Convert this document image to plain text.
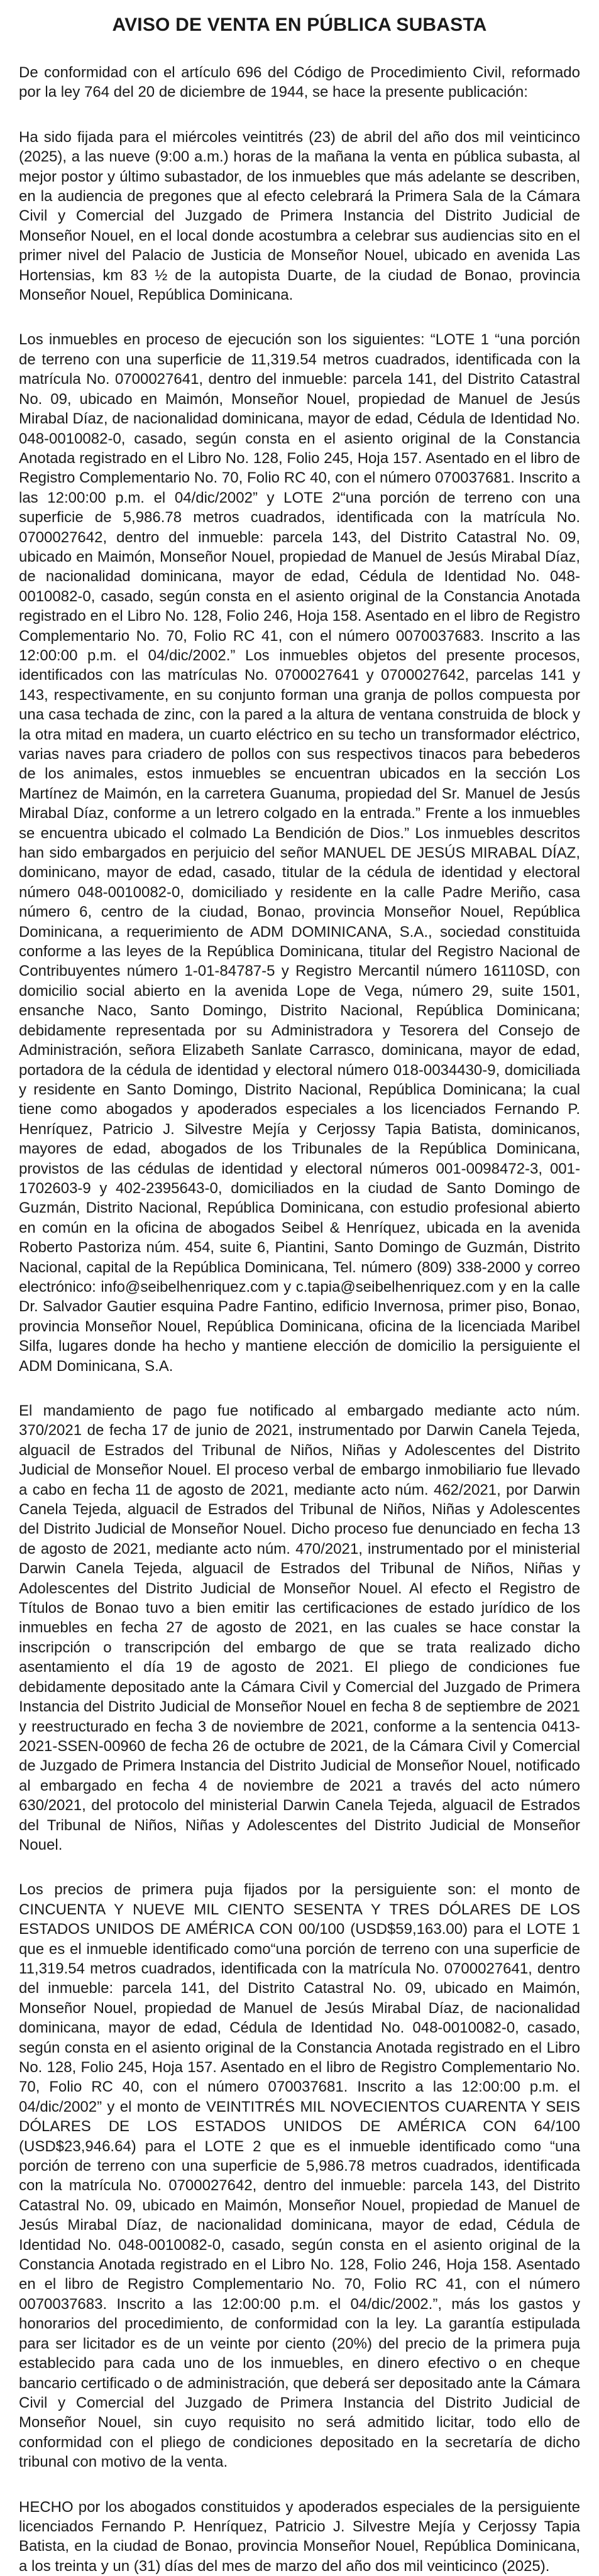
AVISO DE VENTA EN PÚBLICA SUBASTA

De conformidad con el artículo 696 del Código de Procedimiento Civil, reformado por la ley 764 del 20 de diciembre de 1944, se hace la presente publicación:

Ha sido fijada para el miércoles veintitrés (23) de abril del año dos mil veinticinco (2025), a las nueve (9:00 a.m.) horas de la mañana la venta en pública subasta, al mejor postor y último subastador, de los inmuebles que más adelante se describen, en la audiencia de pregones que al efecto celebrará la Primera Sala de la Cámara Civil y Comercial del Juzgado de Primera Instancia del Distrito Judicial de Monseñor Nouel, en el local donde acostumbra a celebrar sus audiencias sito en el primer nivel del Palacio de Justicia de Monseñor Nouel, ubicado en avenida Las Hortensias, km 83 ½ de la autopista Duarte, de la ciudad de Bonao, provincia Monseñor Nouel, República Dominicana.

Los inmuebles en proceso de ejecución son los siguientes: “LOTE 1 “una porción de terreno con una superficie de 11,319.54 metros cuadrados, identificada con la matrícula No. 0700027641, dentro del inmueble: parcela 141, del Distrito Catastral No. 09, ubicado en Maimón, Monseñor Nouel, propiedad de Manuel de Jesús Mirabal Díaz, de nacionalidad dominicana, mayor de edad, Cédula de Identidad No. 048-0010082-0, casado, según consta en el asiento original de la Constancia Anotada registrado en el Libro No. 128, Folio 245, Hoja 157. Asentado en el libro de Registro Complementario No. 70, Folio RC 40, con el número 070037681. Inscrito a las 12:00:00 p.m. el 04/dic/2002” y LOTE 2“una porción de terreno con una superficie de 5,986.78 metros cuadrados, identificada con la matrícula No. 0700027642, dentro del inmueble: parcela 143, del Distrito Catastral No. 09, ubicado en Maimón, Monseñor Nouel, propiedad de Manuel de Jesús Mirabal Díaz, de nacionalidad dominicana, mayor de edad, Cédula de Identidad No. 048-0010082-0, casado, según consta en el asiento original de la Constancia Anotada registrado en el Libro No. 128, Folio 246, Hoja 158. Asentado en el libro de Registro Complementario No. 70, Folio RC 41, con el número 0070037683. Inscrito a las 12:00:00 p.m. el 04/dic/2002.” Los inmuebles objetos del presente procesos, identificados con las matrículas No. 0700027641 y 0700027642, parcelas 141 y 143, respectivamente, en su conjunto forman una granja de pollos compuesta por una casa techada de zinc, con la pared a la altura de ventana construida de block y la otra mitad en madera, un cuarto eléctrico en su techo un transformador eléctrico, varias naves para criadero de pollos con sus respectivos tinacos para bebederos de los animales, estos inmuebles se encuentran ubicados en la sección Los Martínez de Maimón, en la carretera Guanuma, propiedad del Sr. Manuel de Jesús Mirabal Díaz, conforme a un letrero colgado en la entrada.” Frente a los inmuebles se encuentra ubicado el colmado La Bendición de Dios.” Los inmuebles descritos han sido embargados en perjuicio del señor MANUEL DE JESÚS MIRABAL DÍAZ, dominicano, mayor de edad, casado, titular de la cédula de identidad y electoral número 048-0010082-0, domiciliado y residente en la calle Padre Meriño, casa número 6, centro de la ciudad, Bonao, provincia Monseñor Nouel, República Dominicana, a requerimiento de ADM DOMINICANA, S.A., sociedad constituida conforme a las leyes de la República Dominicana, titular del Registro Nacional de Contribuyentes número 1-01-84787-5 y Registro Mercantil número 16110SD, con domicilio social abierto en la avenida Lope de Vega, número 29, suite 1501, ensanche Naco, Santo Domingo, Distrito Nacional, República Dominicana; debidamente representada por su Administradora y Tesorera del Consejo de Administración, señora Elizabeth Sanlate Carrasco, dominicana, mayor de edad, portadora de la cédula de identidad y electoral número 018-0034430-9, domiciliada y residente en Santo Domingo, Distrito Nacional, República Dominicana; la cual tiene como abogados y apoderados especiales a los licenciados Fernando P. Henríquez, Patricio J. Silvestre Mejía y Cerjossy Tapia Batista, dominicanos, mayores de edad, abogados de los Tribunales de la República Dominicana, provistos de las cédulas de identidad y electoral números 001-0098472-3, 001-1702603-9 y 402-2395643-0, domiciliados en la ciudad de Santo Domingo de Guzmán, Distrito Nacional, República Dominicana, con estudio profesional abierto en común en la oficina de abogados Seibel & Henríquez, ubicada en la avenida Roberto Pastoriza núm. 454, suite 6, Piantini, Santo Domingo de Guzmán, Distrito Nacional, capital de la República Dominicana, Tel. número (809) 338-2000 y correo electrónico: info@seibelhenriquez.com y c.tapia@seibelhenriquez.com y en la calle Dr. Salvador Gautier esquina Padre Fantino, edificio Invernosa, primer piso, Bonao, provincia Monseñor Nouel, República Dominicana, oficina de la licenciada Maribel Silfa, lugares donde ha hecho y mantiene elección de domicilio la persiguiente el ADM Dominicana, S.A.

El mandamiento de pago fue notificado al embargado mediante acto núm. 370/2021 de fecha 17 de junio de 2021, instrumentado por Darwin Canela Tejeda, alguacil de Estrados del Tribunal de Niños, Niñas y Adolescentes del Distrito Judicial de Monseñor Nouel. El proceso verbal de embargo inmobiliario fue llevado a cabo en fecha 11 de agosto de 2021, mediante acto núm. 462/2021, por Darwin Canela Tejeda, alguacil de Estrados del Tribunal de Niños, Niñas y Adolescentes del Distrito Judicial de Monseñor Nouel. Dicho proceso fue denunciado en fecha 13 de agosto de 2021, mediante acto núm. 470/2021, instrumentado por el ministerial Darwin Canela Tejeda, alguacil de Estrados del Tribunal de Niños, Niñas y Adolescentes del Distrito Judicial de Monseñor Nouel. Al efecto el Registro de Títulos de Bonao tuvo a bien emitir las certificaciones de estado jurídico de los inmuebles en fecha 27 de agosto de 2021, en las cuales se hace constar la inscripción o transcripción del embargo de que se trata realizado dicho asentamiento el día 19 de agosto de 2021. El pliego de condiciones fue debidamente depositado ante la Cámara Civil y Comercial del Juzgado de Primera Instancia del Distrito Judicial de Monseñor Nouel en fecha 8 de septiembre de 2021 y reestructurado en fecha 3 de noviembre de 2021, conforme a la sentencia 0413-2021-SSEN-00960 de fecha 26 de octubre de 2021, de la Cámara Civil y Comercial de Juzgado de Primera Instancia del Distrito Judicial de Monseñor Nouel, notificado al embargado en fecha 4 de noviembre de 2021 a través del acto número 630/2021, del protocolo del ministerial Darwin Canela Tejeda, alguacil de Estrados del Tribunal de Niños, Niñas y Adolescentes del Distrito Judicial de Monseñor Nouel.

Los precios de primera puja fijados por la persiguiente son: el monto de CINCUENTA Y NUEVE MIL CIENTO SESENTA Y TRES DÓLARES DE LOS ESTADOS UNIDOS DE AMÉRICA CON 00/100 (USD$59,163.00) para el LOTE 1 que es el inmueble identificado como“una porción de terreno con una superficie de 11,319.54 metros cuadrados, identificada con la matrícula No. 0700027641, dentro del inmueble: parcela 141, del Distrito Catastral No. 09, ubicado en Maimón, Monseñor Nouel, propiedad de Manuel de Jesús Mirabal Díaz, de nacionalidad dominicana, mayor de edad, Cédula de Identidad No. 048-0010082-0, casado, según consta en el asiento original de la Constancia Anotada registrado en el Libro No. 128, Folio 245, Hoja 157. Asentado en el libro de Registro Complementario No. 70, Folio RC 40, con el número 070037681. Inscrito a las 12:00:00 p.m. el 04/dic/2002” y el monto de VEINTITRÉS MIL NOVECIENTOS CUARENTA Y SEIS DÓLARES DE LOS ESTADOS UNIDOS DE AMÉRICA CON 64/100 (USD$23,946.64) para el LOTE 2 que es el inmueble identificado como “una porción de terreno con una superficie de 5,986.78 metros cuadrados, identificada con la matrícula No. 0700027642, dentro del inmueble: parcela 143, del Distrito Catastral No. 09, ubicado en Maimón, Monseñor Nouel, propiedad de Manuel de Jesús Mirabal Díaz, de nacionalidad dominicana, mayor de edad, Cédula de Identidad No. 048-0010082-0, casado, según consta en el asiento original de la Constancia Anotada registrado en el Libro No. 128, Folio 246, Hoja 158. Asentado en el libro de Registro Complementario No. 70, Folio RC 41, con el número 0070037683. Inscrito a las 12:00:00 p.m. el 04/dic/2002.”, más los gastos y honorarios del procedimiento, de conformidad con la ley. La garantía estipulada para ser licitador es de un veinte por ciento (20%) del precio de la primera puja establecido para cada uno de los inmuebles, en dinero efectivo o en cheque bancario certificado o de administración, que deberá ser depositado ante la Cámara Civil y Comercial del Juzgado de Primera Instancia del Distrito Judicial de Monseñor Nouel, sin cuyo requisito no será admitido licitar, todo ello de conformidad con el pliego de condiciones depositado en la secretaría de dicho tribunal con motivo de la venta.

HECHO por los abogados constituidos y apoderados especiales de la persiguiente licenciados Fernando P. Henríquez, Patricio J. Silvestre Mejía y Cerjossy Tapia Batista, en la ciudad de Bonao, provincia Monseñor Nouel, República Dominicana, a los treinta y un (31) días del mes de marzo del año dos mil veinticinco (2025).
